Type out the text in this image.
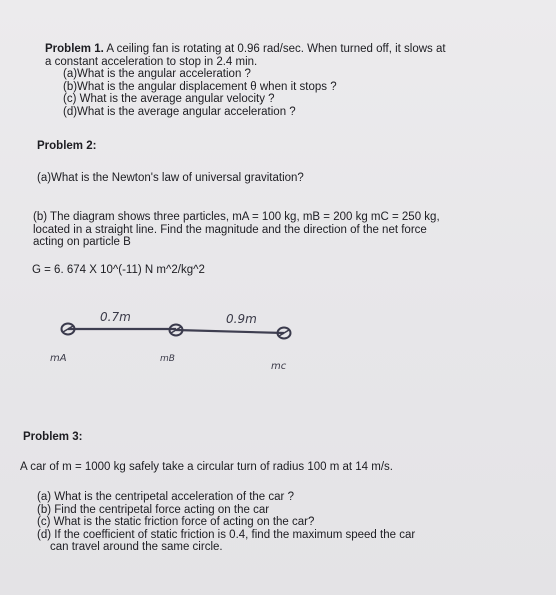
Problem 1. A ceiling fan is rotating at 0.96 rad/sec. When turned off, it slows at
a constant acceleration to stop in 2.4 min.
(a)What is the angular acceleration ?
(b)What is the angular displacement θ when it stops ?
(c) What is the average angular velocity ?
(d)What is the average angular acceleration ?
Problem 2:
(a)What is the Newton's law of universal gravitation?
(b) The diagram shows three particles, mA = 100 kg, mB = 200 kg mC = 250 kg,
located in a straight line. Find the magnitude and the direction of the net force
acting on particle B
G = 6. 674 X 10^(-11) N m^2/kg^2
0.7m	0.9m
mA	mB
mc
Problem 3:
A car of m = 1000 kg safely take a circular turn of radius 100 m at 14 m/s.
(a) What is the centripetal acceleration of the car ?
(b) Find the centripetal force acting on the car
(c) What is the static friction force of acting on the car?
(d) If the coefficient of static friction is 0.4, find the maximum speed the car
can travel around the same circle.
